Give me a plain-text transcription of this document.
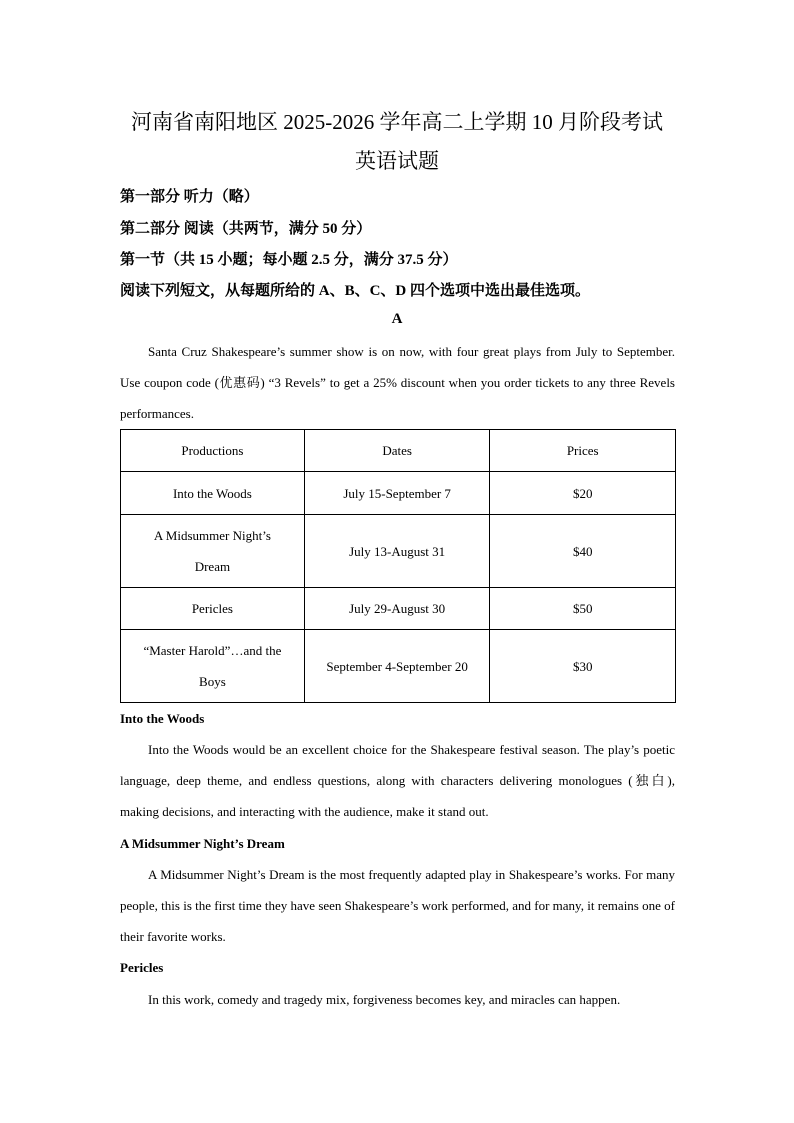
河南省南阳地区 2025-2026 学年高二上学期 10 月阶段考试
英语试题
第一部分 听力（略）
第二部分 阅读（共两节，满分 50 分）
第一节（共 15 小题；每小题 2.5 分，满分 37.5 分）
阅读下列短文，从每题所给的 A、B、C、D 四个选项中选出最佳选项。
A

Santa Cruz Shakespeare’s summer show is on now, with four great plays from July to September. Use coupon code (优惠码) “3 Revels” to get a 25% discount when you order tickets to any three Revels performances.

Productions	Dates	Prices
Into the Woods	July 15-September 7	$20
A Midsummer Night’s Dream	July 13-August 31	$40
Pericles	July 29-August 30	$50
“Master Harold”…and the Boys	September 4-September 20	$30
Into the Woods

Into the Woods would be an excellent choice for the Shakespeare festival season. The play’s poetic language, deep theme, and endless questions, along with characters delivering monologues (独白), making decisions, and interacting with the audience, make it stand out.

A Midsummer Night’s Dream

A Midsummer Night’s Dream is the most frequently adapted play in Shakespeare’s works. For many people, this is the first time they have seen Shakespeare’s work performed, and for many, it remains one of their favorite works.

Pericles

In this work, comedy and tragedy mix, forgiveness becomes key, and miracles can happen.
